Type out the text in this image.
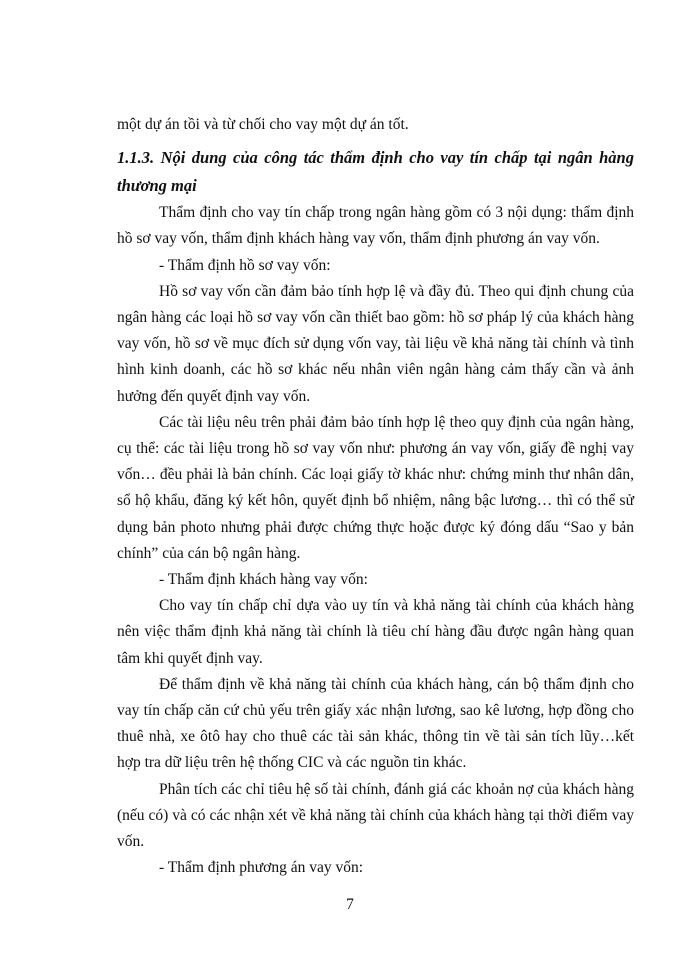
một dự án tồi và từ chối cho vay một dự án tốt.

1.1.3. Nội dung của công tác thẩm định cho vay tín chấp tại ngân hàng thương mại

Thẩm định cho vay tín chấp trong ngân hàng gồm có 3 nội dụng: thẩm định hồ sơ vay vốn, thẩm định khách hàng vay vốn, thẩm định phương án vay vốn.

- Thẩm định hồ sơ vay vốn:

Hồ sơ vay vốn cần đảm bảo tính hợp lệ và đầy đủ. Theo qui định chung của ngân hàng các loại hồ sơ vay vốn cần thiết bao gồm: hồ sơ pháp lý của khách hàng vay vốn, hồ sơ về mục đích sử dụng vốn vay, tài liệu về khả năng tài chính và tình hình kinh doanh, các hồ sơ khác nếu nhân viên ngân hàng cảm thấy cần và ảnh hưởng đến quyết định vay vốn.

Các tài liệu nêu trên phải đảm bảo tính hợp lệ theo quy định của ngân hàng, cụ thể: các tài liệu trong hồ sơ vay vốn như: phương án vay vốn, giấy đề nghị vay vốn… đều phải là bản chính. Các loại giấy tờ khác như: chứng minh thư nhân dân, sổ hộ khẩu, đăng ký kết hôn, quyết định bổ nhiệm, nâng bậc lương… thì có thể sử dụng bản photo nhưng phải được chứng thực hoặc được ký đóng dấu “Sao y bản chính” của cán bộ ngân hàng.

- Thẩm định khách hàng vay vốn:

Cho vay tín chấp chỉ dựa vào uy tín và khả năng tài chính của khách hàng nên việc thẩm định khả năng tài chính là tiêu chí hàng đầu được ngân hàng quan tâm khi quyết định vay.

Để thẩm định về khả năng tài chính của khách hàng, cán bộ thẩm định cho vay tín chấp căn cứ chủ yếu trên giấy xác nhận lương, sao kê lương, hợp đồng cho thuê nhà, xe ôtô hay cho thuê các tài sản khác, thông tin về tài sản tích lũy…kết hợp tra dữ liệu trên hệ thống CIC và các nguồn tin khác.

Phân tích các chỉ tiêu hệ số tài chính, đánh giá các khoản nợ của khách hàng (nếu có) và có các nhận xét về khả năng tài chính của khách hàng tại thời điểm vay vốn.

- Thẩm định phương án vay vốn:

7
